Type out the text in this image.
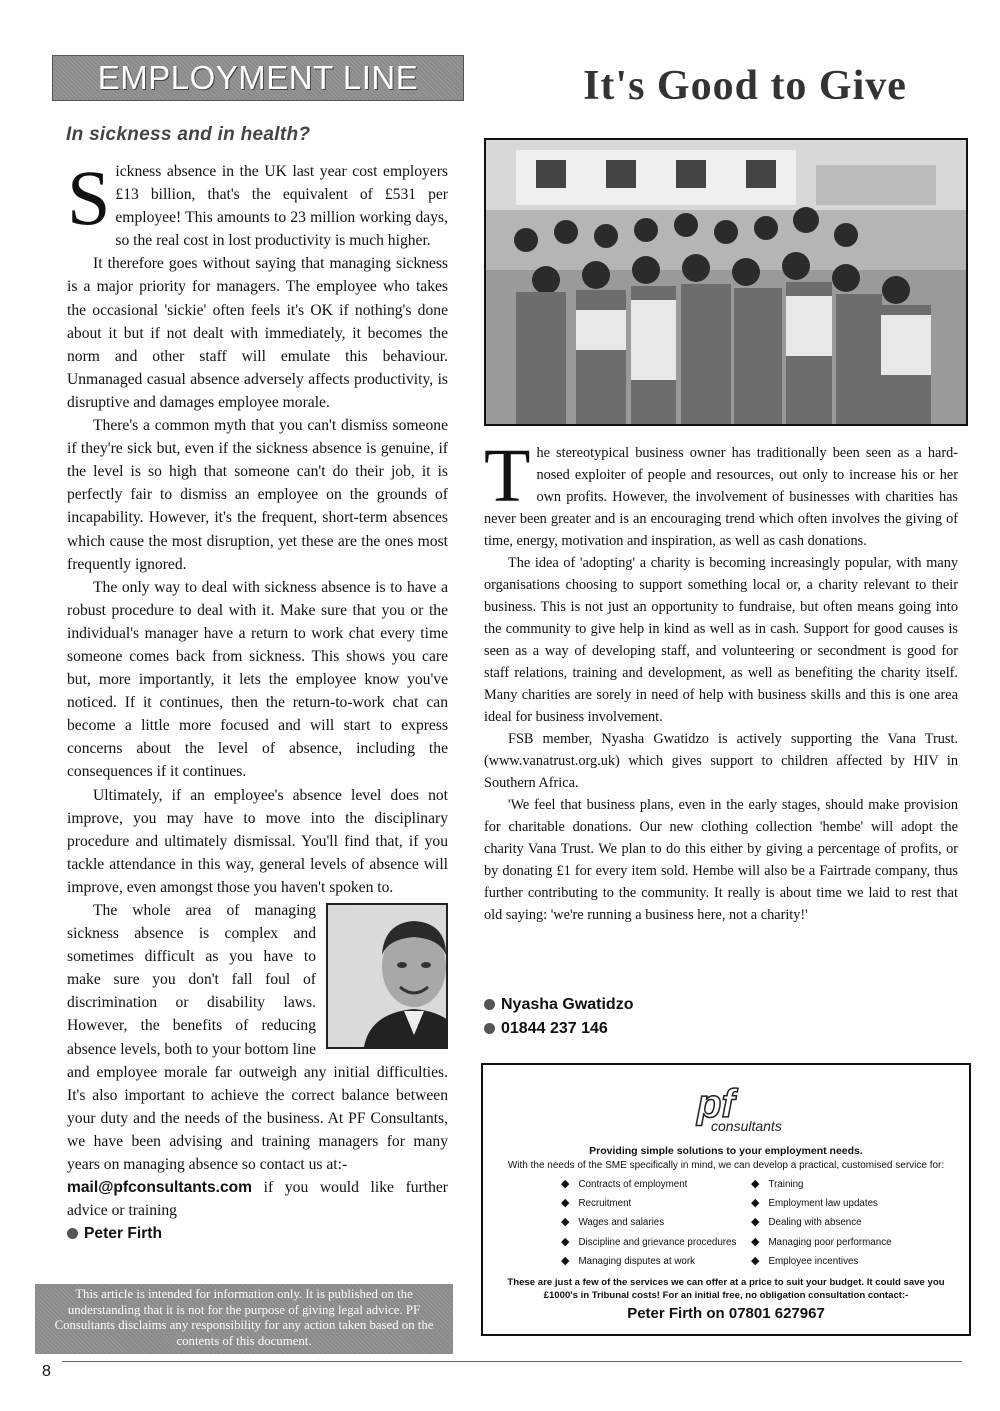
EMPLOYMENT LINE
In sickness and in health?

Sickness absence in the UK last year cost employers £13 billion, that's the equivalent of £531 per employee! This amounts to 23 million working days, so the real cost in lost productivity is much higher.

It therefore goes without saying that managing sickness is a major priority for managers. The employee who takes the occasional 'sickie' often feels it's OK if nothing's done about it but if not dealt with immediately, it becomes the norm and other staff will emulate this behaviour. Unmanaged casual absence adversely affects productivity, is disruptive and damages employee morale.

There's a common myth that you can't dismiss someone if they're sick but, even if the sickness absence is genuine, if the level is so high that someone can't do their job, it is perfectly fair to dismiss an employee on the grounds of incapability. However, it's the frequent, short-term absences which cause the most disruption, yet these are the ones most frequently ignored.

The only way to deal with sickness absence is to have a robust procedure to deal with it. Make sure that you or the individual's manager have a return to work chat every time someone comes back from sickness. This shows you care but, more importantly, it lets the employee know you've noticed. If it continues, then the return-to-work chat can become a little more focused and will start to express concerns about the level of absence, including the consequences if it continues.

Ultimately, if an employee's absence level does not improve, you may have to move into the disciplinary procedure and ultimately dismissal. You'll find that, if you tackle attendance in this way, general levels of absence will improve, even amongst those you haven't spoken to.

The whole area of managing sickness absence is complex and sometimes difficult as you have to make sure you don't fall foul of discrimination or disability laws. However, the benefits of reducing absence levels, both to your bottom line and employee morale far outweigh any initial difficulties. It's also important to achieve the correct balance between your duty and the needs of the business. At PF Consultants, we have been advising and training managers for many years on managing absence so contact us at:-
mail@pfconsultants.com if you would like further advice or training
Peter Firth

This article is intended for information only. It is published on the understanding that it is not for the purpose of giving legal advice. PF Consultants disclaims any responsibility for any action taken based on the contents of this document.
It's Good to Give

The stereotypical business owner has traditionally been seen as a hard-nosed exploiter of people and resources, out only to increase his or her own profits. However, the involvement of businesses with charities has never been greater and is an encouraging trend which often involves the giving of time, energy, motivation and inspiration, as well as cash donations.

The idea of 'adopting' a charity is becoming increasingly popular, with many organisations choosing to support something local or, a charity relevant to their business. This is not just an opportunity to fundraise, but often means going into the community to give help in kind as well as in cash. Support for good causes is seen as a way of developing staff, and volunteering or secondment is good for staff relations, training and development, as well as benefiting the charity itself. Many charities are sorely in need of help with business skills and this is one area ideal for business involvement.

FSB member, Nyasha Gwatidzo is actively supporting the Vana Trust.(www.vanatrust.org.uk) which gives support to children affected by HIV in Southern Africa.

'We feel that business plans, even in the early stages, should make provision for charitable donations. Our new clothing collection 'hembe' will adopt the charity Vana Trust. We plan to do this either by giving a percentage of profits, or by donating £1 for every item sold. Hembe will also be a Fairtrade company, thus further contributing to the community. It really is about time we laid to rest that old saying: 'we're running a business here, not a charity!'

Nyasha Gwatidzo
01844 237 146
pf
consultants
Providing simple solutions to your employment needs.
With the needs of the SME specifically in mind, we can develop a practical, customised service for:
◆ Contracts of employment
◆ Recruitment
◆ Wages and salaries
◆ Discipline and grievance procedures
◆ Managing disputes at work
◆ Training
◆ Employment law updates
◆ Dealing with absence
◆ Managing poor performance
◆ Employee incentives
These are just a few of the services we can offer at a price to suit your budget. It could save you £1000's in Tribunal costs! For an initial free, no obligation consultation contact:-
Peter Firth on 07801 627967
8
